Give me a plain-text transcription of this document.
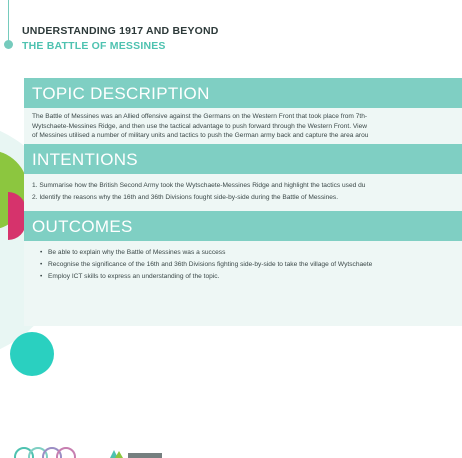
UNDERSTANDING 1917 AND BEYOND
THE BATTLE OF MESSINES
TOPIC DESCRIPTION

The Battle of Messines was an Allied offensive against the Germans on the Western Front that took place from 7th-

Wytschaete-Messines Ridge, and then use the tactical advantage to push forward through the Western Front. View

of Messines utilised a number of military units and tactics to push the German army back and capture the area arou

INTENTIONS

1. Summarise how the British Second Army took the Wytschaete-Messines Ridge and highlight the tactics used du

2. Identify the reasons why the 16th and 36th Divisions fought side-by-side during the Battle of Messines.

OUTCOMES
• Be able to explain why the Battle of Messines was a success
• Recognise the significance of the 16th and 36th Divisions fighting side-by-side to take the village of Wytschaete
• Employ ICT skills to express an understanding of the topic.
